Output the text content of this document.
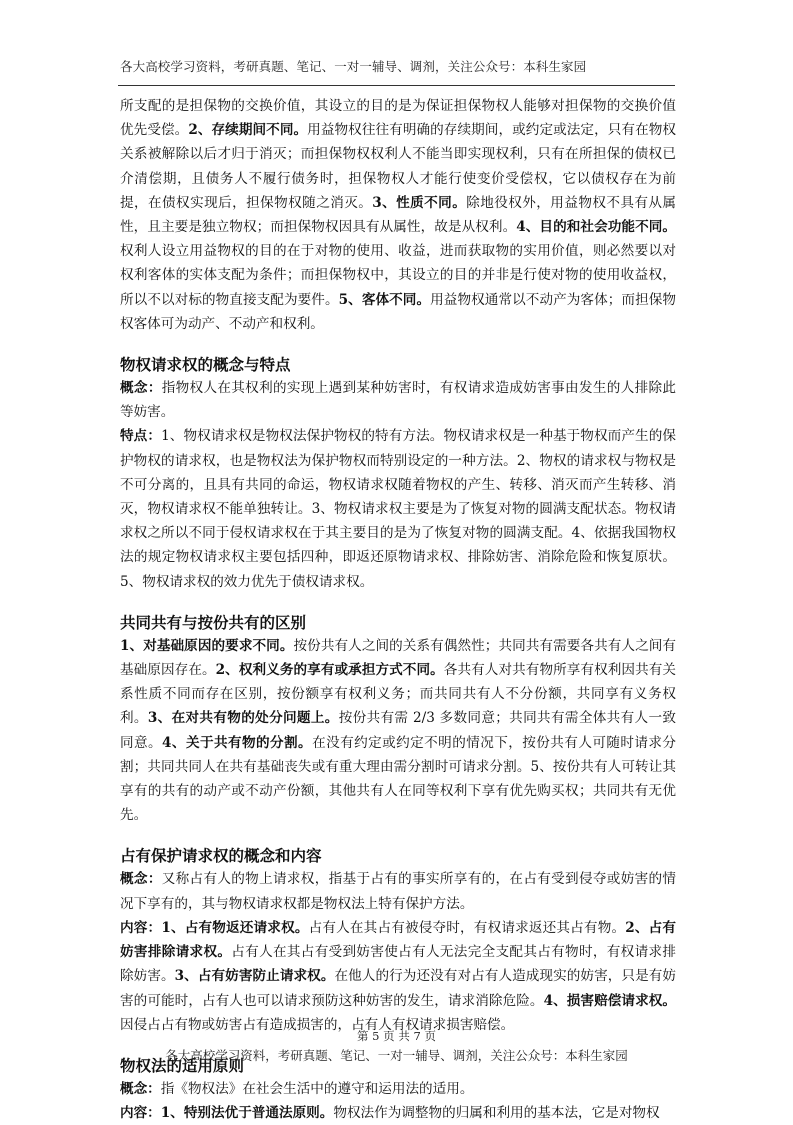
各大高校学习资料，考研真题、笔记、一对一辅导、调剂，关注公众号：本科生家园

所支配的是担保物的交换价值，其设立的目的是为保证担保物权人能够对担保物的交换价值优先受偿。2、存续期间不同。用益物权往往有明确的存续期间，或约定或法定，只有在物权关系被解除以后才归于消灭；而担保物权权利人不能当即实现权利，只有在所担保的债权已介清偿期，且债务人不履行债务时，担保物权人才能行使变价受偿权，它以债权存在为前提，在债权实现后，担保物权随之消灭。3、性质不同。除地役权外，用益物权不具有从属性，且主要是独立物权；而担保物权因具有从属性，故是从权利。4、目的和社会功能不同。权利人设立用益物权的目的在于对物的使用、收益，进而获取物的实用价值，则必然要以对权利客体的实体支配为条件；而担保物权中，其设立的目的并非是行使对物的使用收益权，所以不以对标的物直接支配为要件。5、客体不同。用益物权通常以不动产为客体；而担保物权客体可为动产、不动产和权利。

物权请求权的概念与特点

概念：指物权人在其权利的实现上遇到某种妨害时，有权请求造成妨害事由发生的人排除此等妨害。

特点：1、物权请求权是物权法保护物权的特有方法。物权请求权是一种基于物权而产生的保护物权的请求权，也是物权法为保护物权而特别设定的一种方法。2、物权的请求权与物权是不可分离的，且具有共同的命运，物权请求权随着物权的产生、转移、消灭而产生转移、消灭，物权请求权不能单独转让。3、物权请求权主要是为了恢复对物的圆满支配状态。物权请求权之所以不同于侵权请求权在于其主要目的是为了恢复对物的圆满支配。4、依据我国物权法的规定物权请求权主要包括四种，即返还原物请求权、排除妨害、消除危险和恢复原状。5、物权请求权的效力优先于债权请求权。

共同共有与按份共有的区别

1、对基础原因的要求不同。按份共有人之间的关系有偶然性；共同共有需要各共有人之间有基础原因存在。2、权利义务的享有或承担方式不同。各共有人对共有物所享有权利因共有关系性质不同而存在区别，按份额享有权利义务；而共同共有人不分份额，共同享有义务权利。3、在对共有物的处分问题上。按份共有需 2/3 多数同意；共同共有需全体共有人一致同意。4、关于共有物的分割。在没有约定或约定不明的情况下，按份共有人可随时请求分割；共同共同人在共有基础丧失或有重大理由需分割时可请求分割。5、按份共有人可转让其享有的共有的动产或不动产份额，其他共有人在同等权利下享有优先购买权；共同共有无优先。

占有保护请求权的概念和内容

概念：又称占有人的物上请求权，指基于占有的事实所享有的，在占有受到侵夺或妨害的情况下享有的，其与物权请求权都是物权法上特有保护方法。

内容：1、占有物返还请求权。占有人在其占有被侵夺时，有权请求返还其占有物。2、占有妨害排除请求权。占有人在其占有受到妨害使占有人无法完全支配其占有物时，有权请求排除妨害。3、占有妨害防止请求权。在他人的行为还没有对占有人造成现实的妨害，只是有妨害的可能时，占有人也可以请求预防这种妨害的发生，请求消除危险。4、损害赔偿请求权。因侵占占有物或妨害占有造成损害的，占有人有权请求损害赔偿。

物权法的适用原则

概念：指《物权法》在社会生活中的遵守和运用法的适用。

内容：1、特别法优于普通法原则。物权法作为调整物的归属和利用的基本法，它是对物权

第 5 页 共 7 页
各大高校学习资料，考研真题、笔记、一对一辅导、调剂，关注公众号：本科生家园
